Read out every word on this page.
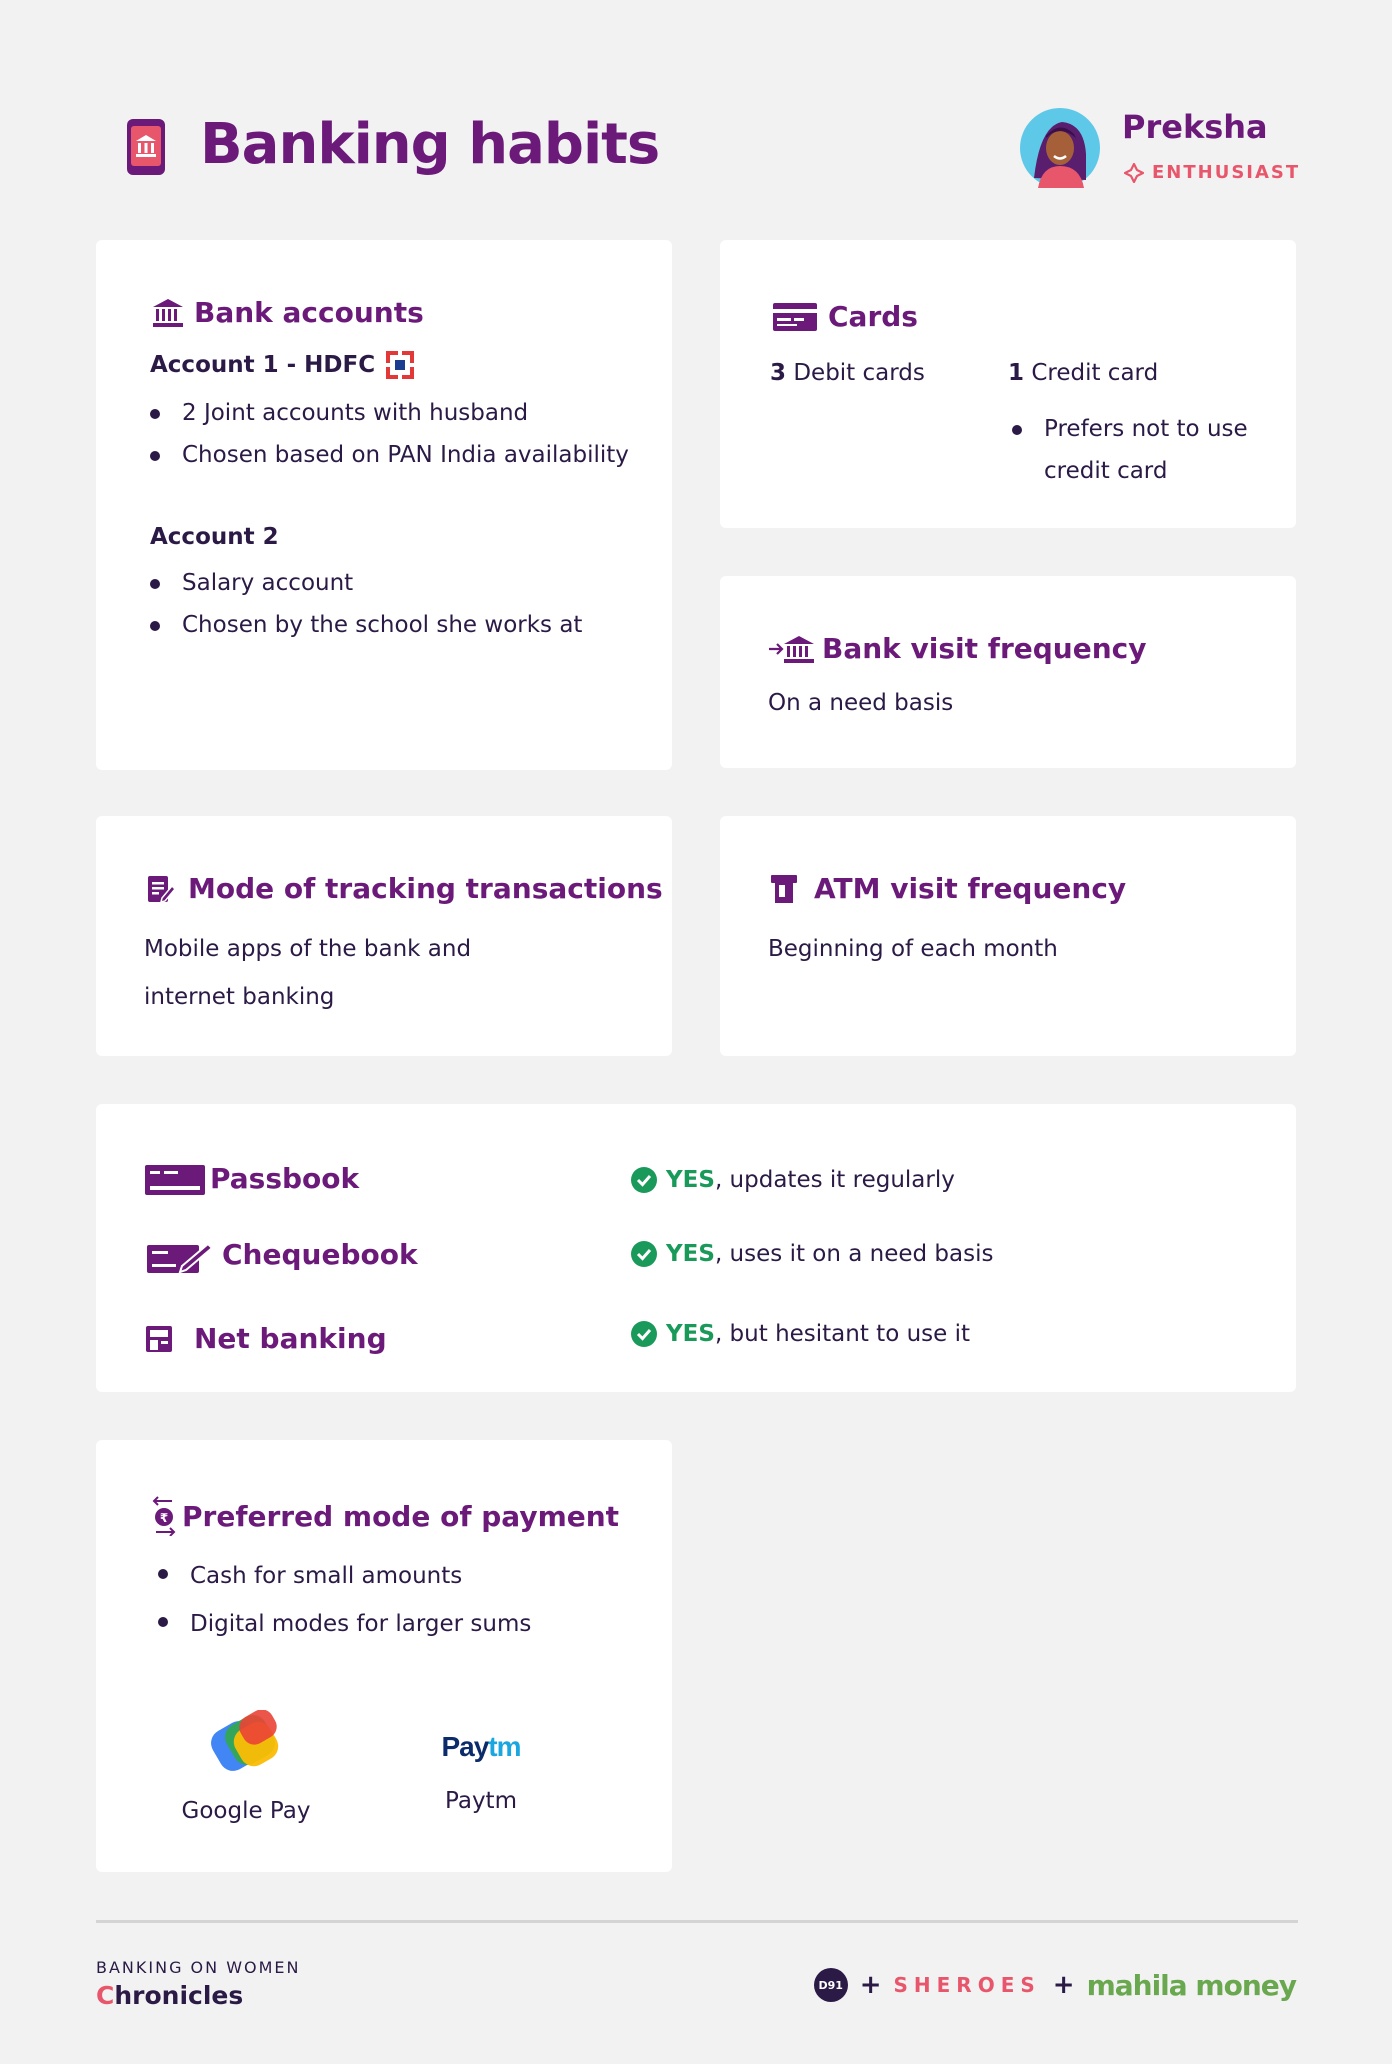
Banking habits	Preksha
ENTHUSIAST
Bank accounts
Account 1 - HDFC
2 Joint accounts with husband
Chosen based on PAN India availability
Account 2
Salary account
Chosen by the school she works at
Cards
3 Debit cards	1 Credit card
Prefers not to use credit card
Bank visit frequency
On a need basis
Mode of tracking transactions
Mobile apps of the bank and
internet banking
ATM visit frequency
Beginning of each month
Passbook	YES, updates it regularly
Chequebook	YES, uses it on a need basis
Net banking	YES, but hesitant to use it
₹ Preferred mode of payment
Cash for small amounts
Digital modes for larger sums
Google Pay
Paytm
Paytm
BANKING ON WOMEN
Chronicles	D91 + SHEROES + mahila money
